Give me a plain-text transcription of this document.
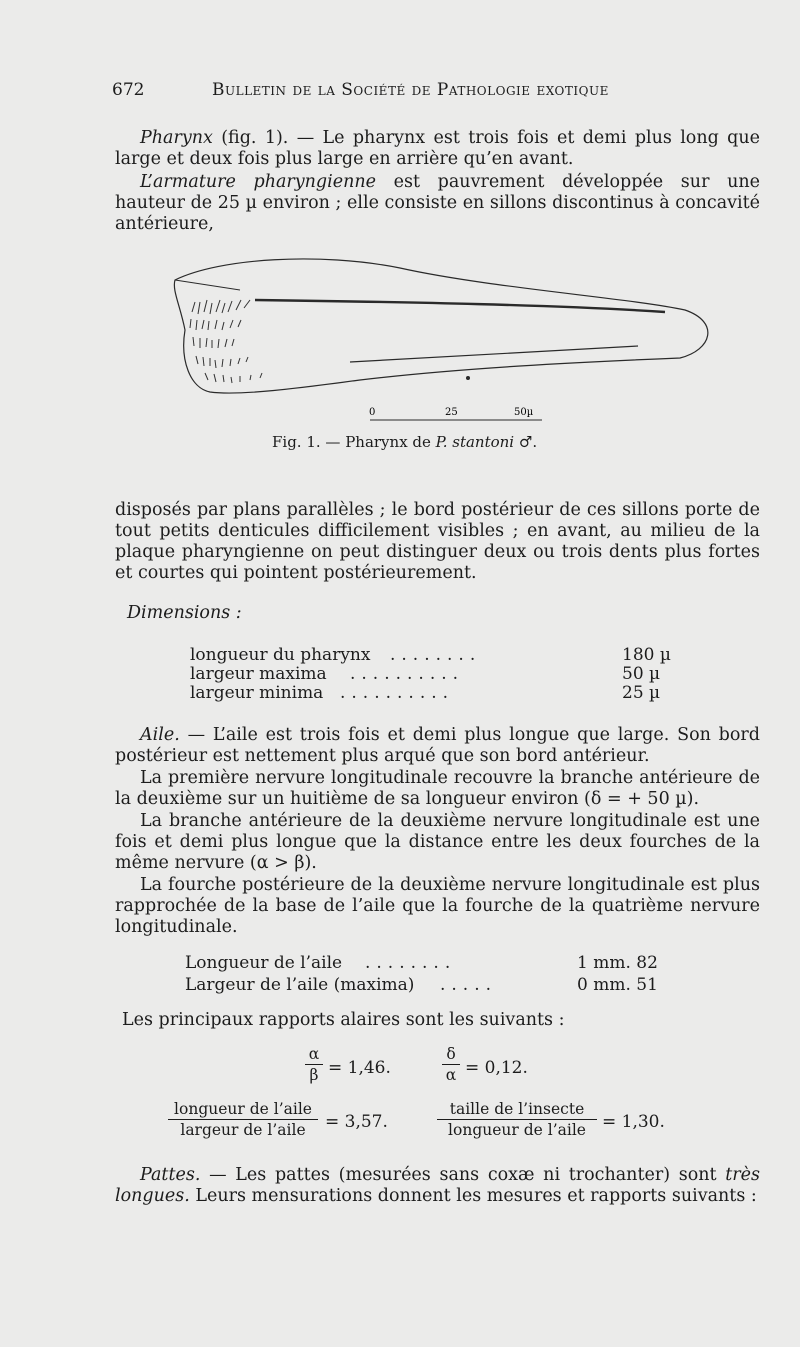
672	Bulletin de la Société de Pathologie exotique
Pharynx (fig. 1). — Le pharynx est trois fois et demi plus long que large et deux fois plus large en arrière qu’en avant.
L’armature pharyngienne est pauvrement développée sur une hauteur de 25 µ environ ; elle consiste en sillons discontinus à concavité antérieure,
0	25	50µ
Fig. 1. — Pharynx de P. stantoni ♂.
disposés par plans parallèles ; le bord postérieur de ces sillons porte de tout petits denticules difficilement visibles ; en avant, au milieu de la plaque pharyngienne on peut distinguer deux ou trois dents plus fortes et courtes qui pointent postérieurement.
Dimensions :
longueur du pharynx ........	180 µ
largeur maxima ..........	50 µ
largeur minima ..........	25 µ
Aile. — L’aile est trois fois et demi plus longue que large. Son bord postérieur est nettement plus arqué que son bord antérieur.
La première nervure longitudinale recouvre la branche antérieure de la deuxième sur un huitième de sa longueur environ (δ = + 50 µ).
La branche antérieure de la deuxième nervure longitudinale est une fois et demi plus longue que la distance entre les deux fourches de la même nervure (α > β).
La fourche postérieure de la deuxième nervure longitudinale est plus rapprochée de la base de l’aile que la fourche de la quatrième nervure longitudinale.
Longueur de l’aile ........	1 mm. 82
Largeur de l’aile (maxima) .....	0 mm. 51
Les principaux rapports alaires sont les suivants :
$\frac{\alpha}{\beta} = 1,46$.	$\frac{\delta}{\alpha} = 0,12$.
longueur de l’aile
largeur de l’aile	= 3,57.
taille de l’insecte
longueur de l’aile = 1,30.
Pattes. — Les pattes (mesurées sans coxæ ni trochanter) sont très longues. Leurs mensurations donnent les mesures et rapports suivants :
